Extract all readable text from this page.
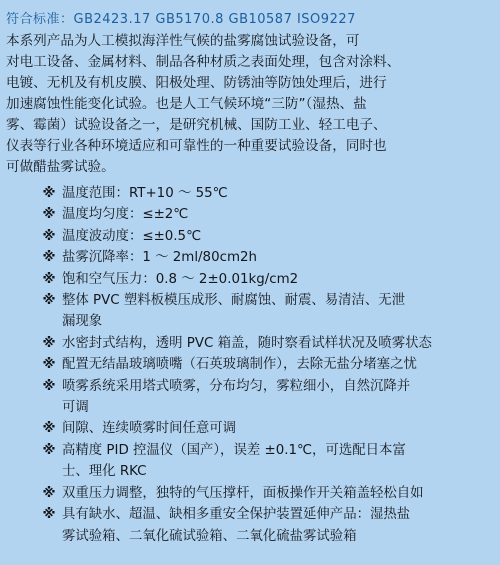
符合标准：GB2423.17 GB5170.8 GB10587 ISO9227
本系列产品为人工模拟海洋性气候的盐雾腐蚀试验设备，可
对电工设备、金属材料、制品各种材质之表面处理，包含对涂料、
电镀、无机及有机皮膜、阳极处理、防锈油等防蚀处理后，进行
加速腐蚀性能变化试验。也是人工气候环境“三防”（湿热、盐
雾、霉菌）试验设备之一，是研究机械、国防工业、轻工电子、
仪表等行业各种环境适应和可靠性的一种重要试验设备，同时也
可做醋盐雾试验。
※ 温度范围：RT+10 ～ 55℃
※ 温度均匀度：≤±2℃
※ 温度波动度：≤±0.5℃
※ 盐雾沉降率：1 ～ 2ml/80cm2h
※ 饱和空气压力：0.8 ～ 2±0.01kg/cm2
※ 整体 PVC 塑料板模压成形、耐腐蚀、耐震、易清洁、无泄
漏现象
※ 水密封式结构，透明 PVC 箱盖，随时察看试样状况及喷雾状态
※ 配置无结晶玻璃喷嘴（石英玻璃制作），去除无盐分堵塞之忧
※ 喷雾系统采用塔式喷雾，分布均匀，雾粒细小，自然沉降并
可调
※ 间隙、连续喷雾时间任意可调
※ 高精度 PID 控温仪（国产），误差 ±0.1℃，可选配日本富
士、理化 RKC
※ 双重压力调整，独特的气压撑杆，面板操作开关箱盖轻松自如
※ 具有缺水、超温、缺相多重安全保护装置延伸产品：湿热盐
雾试验箱、二氧化硫试验箱、二氧化硫盐雾试验箱
